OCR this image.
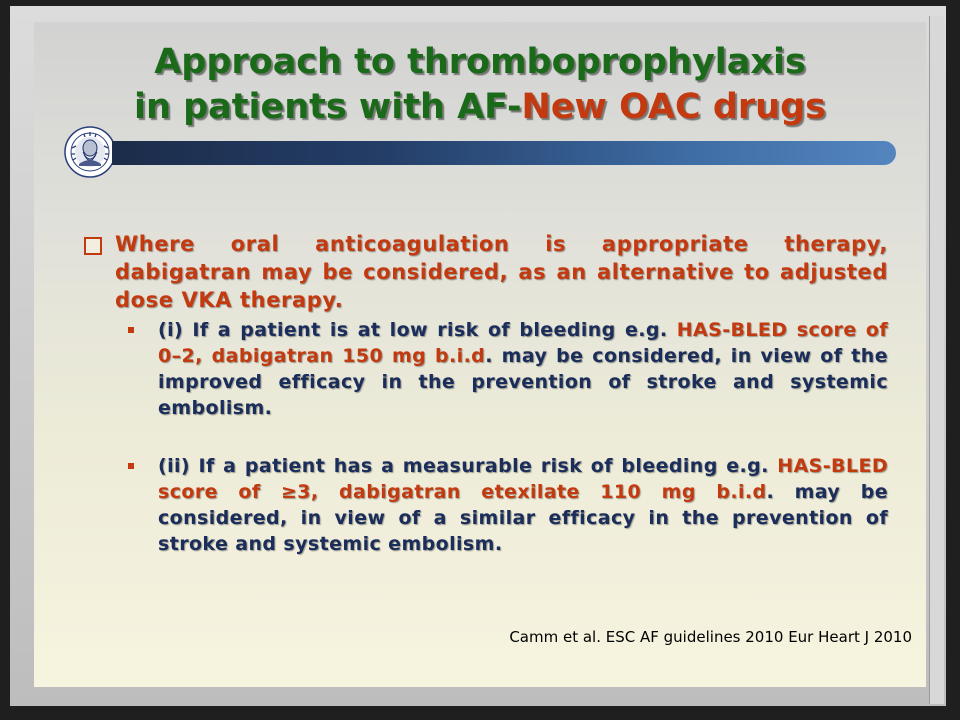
Approach to thromboprophylaxis
in patients with AF-New OAC drugs
Where oral anticoagulation is appropriate therapy, dabigatran may be considered, as an alternative to adjusted dose VKA therapy.
(i) If a patient is at low risk of bleeding e.g. HAS-BLED score of 0–2, dabigatran 150 mg b.i.d. may be considered, in view of the improved efficacy in the prevention of stroke and systemic embolism.
(ii) If a patient has a measurable risk of bleeding e.g. HAS-BLED score of ≥3, dabigatran etexilate 110 mg b.i.d. may be considered, in view of a similar efficacy in the prevention of stroke and systemic embolism.
Camm et al. ESC AF guidelines 2010 Eur Heart J 2010
